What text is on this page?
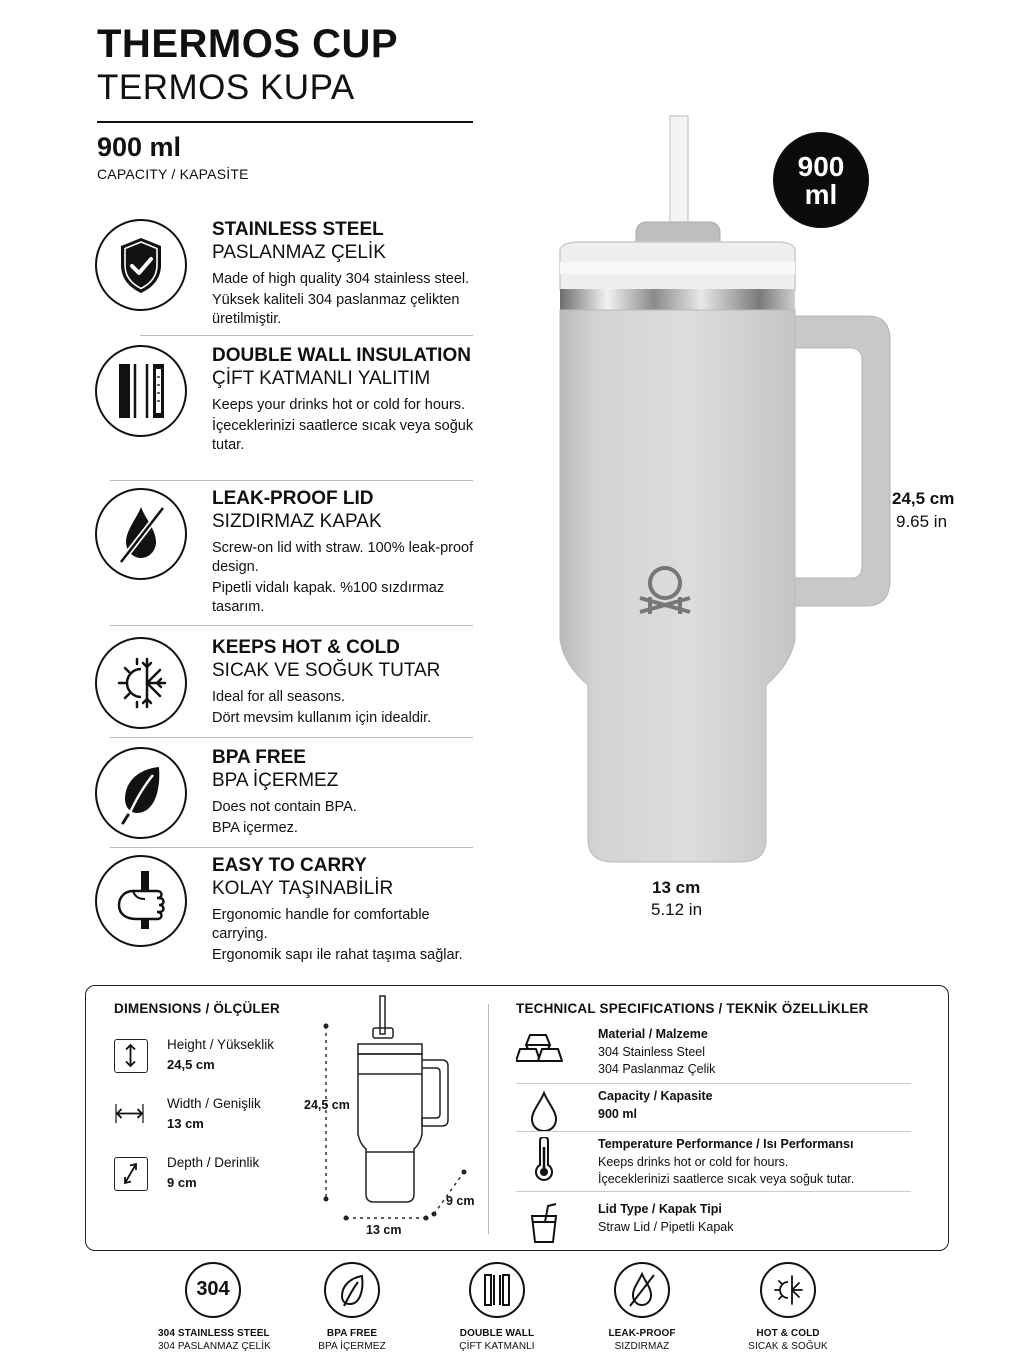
THERMOS CUP
TERMOS KUPA
900 ml
CAPACITY / KAPASİTE
STAINLESS STEEL
PASLANMAZ ÇELİK
Made of high quality 304 stainless steel.
Yüksek kaliteli 304 paslanmaz çelikten üretilmiştir.
DOUBLE WALL INSULATION
ÇİFT KATMANLI YALITIM
Keeps your drinks hot or cold for hours.
İçeceklerinizi saatlerce sıcak veya soğuk tutar.
LEAK-PROOF LID
SIZDIRMAZ KAPAK
Screw-on lid with straw. 100% leak-proof design.
Pipetli vidalı kapak. %100 sızdırmaz tasarım.
KEEPS HOT & COLD
SICAK VE SOĞUK TUTAR
Ideal for all seasons.
Dört mevsim kullanım için idealdir.
BPA FREE
BPA İÇERMEZ
Does not contain BPA.
BPA içermez.
EASY TO CARRY
KOLAY TAŞINABİLİR
Ergonomic handle for comfortable carrying.
Ergonomik sapı ile rahat taşıma sağlar.
900
ml
24,5 cm
9.65 in
13 cm
5.12 in
DIMENSIONS / ÖLÇÜLER
Height / Yükseklik
24,5 cm
Width / Genişlik
13 cm
Depth / Derinlik
9 cm
24,5 cm
13 cm
9 cm
TECHNICAL SPECIFICATIONS / TEKNİK ÖZELLİKLER
Material / Malzeme
304 Stainless Steel
304 Paslanmaz Çelik
Capacity / Kapasite
900 ml
Temperature Performance / Isı Performansı
Keeps drinks hot or cold for hours.
İçeceklerinizi saatlerce sıcak veya soğuk tutar.
Lid Type / Kapak Tipi
Straw Lid / Pipetli Kapak
304
304 STAINLESS STEEL
304 PASLANMAZ ÇELİK
BPA FREE
BPA İÇERMEZ
DOUBLE WALL
ÇİFT KATMANLI
LEAK-PROOF
SIZDIRMAZ
HOT & COLD
SICAK & SOĞUK
